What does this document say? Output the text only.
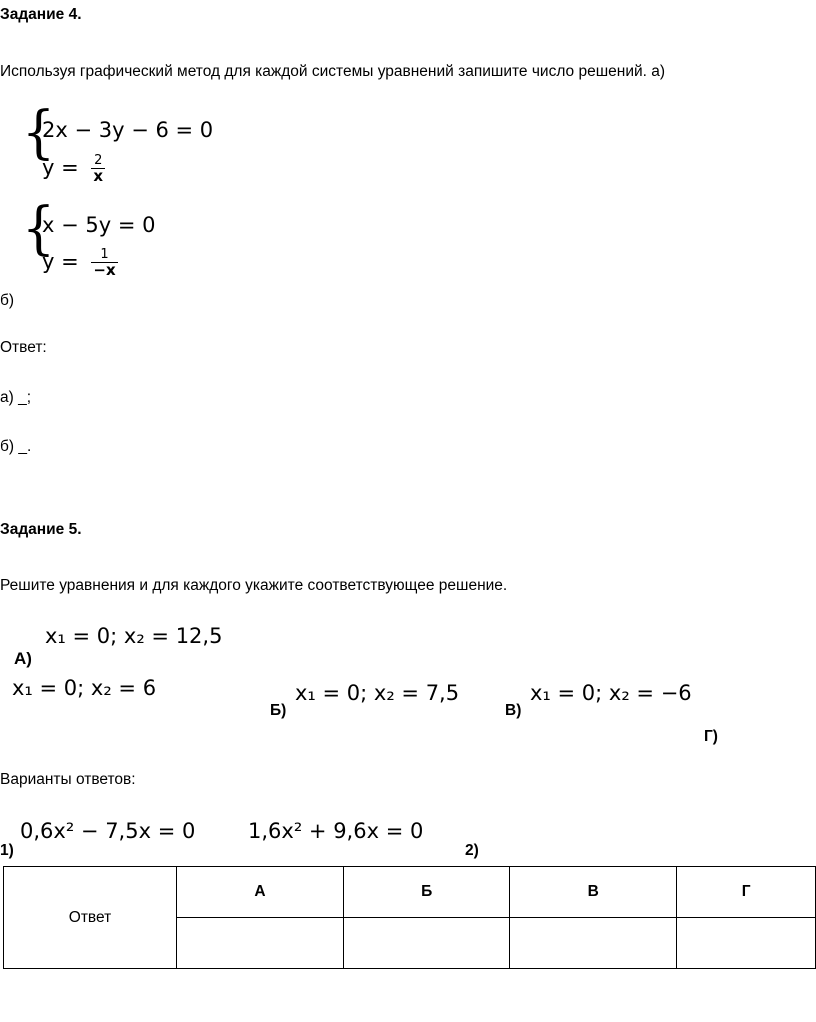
Задание 4.
Используя графический метод для каждой системы уравнений запишите число решений. а)
{
2x − 3y − 6 = 0
$y = \frac{2}{x}$
{
x − 5y = 0
$y = \frac{1}{-x}$
б)
Ответ:
а) _;
б) _.
Задание 5.
Решите уравнения и для каждого укажите соответствующее решение.
x₁ = 0; x₂ = 12,5
А)
x₁ = 0; x₂ = 6
Б)
x₁ = 0; x₂ = 7,5
В)
x₁ = 0; x₂ = −6
Г)
Варианты ответов:
0,6x² − 7,5x = 0
1)
1,6x² + 9,6x = 0
2)
Ответ	А	Б	В	Г
